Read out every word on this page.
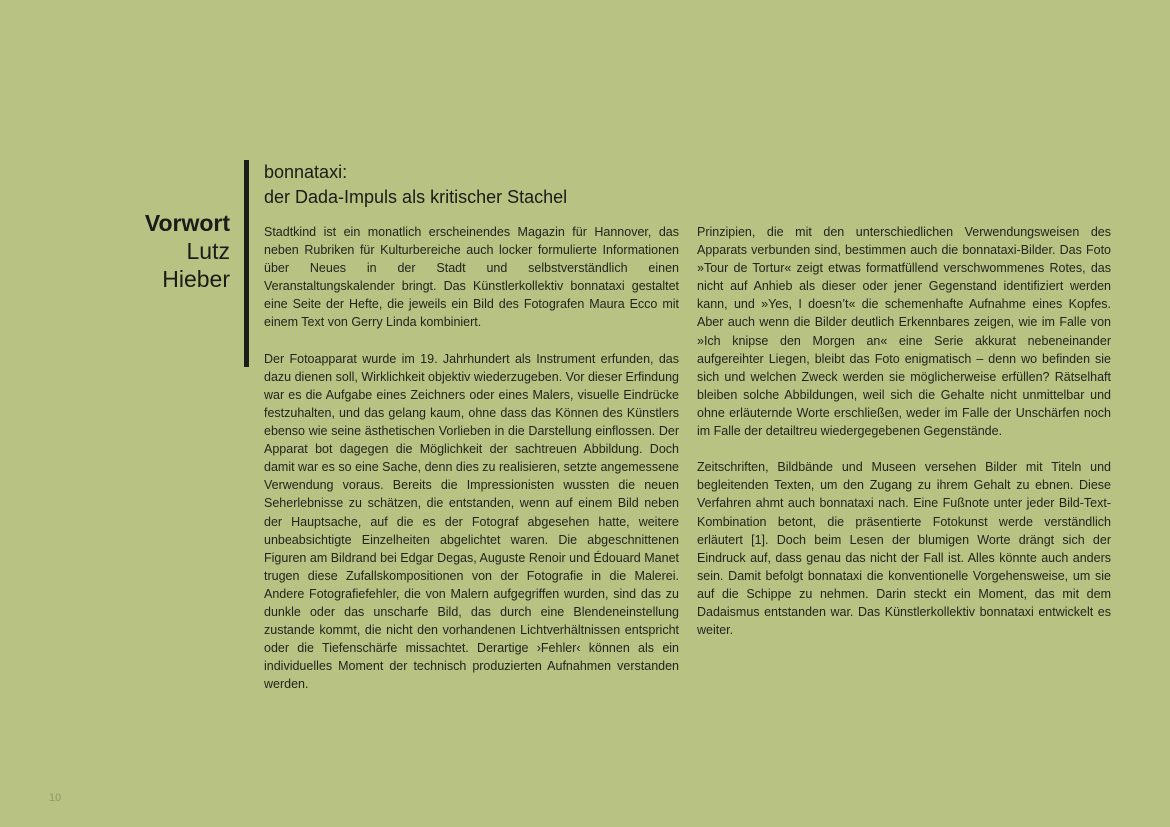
Vorwort
Lutz
Hieber
bonnataxi:
der Dada-Impuls als kritischer Stachel

Stadtkind ist ein monatlich erscheinendes Magazin für Hannover, das neben Rubriken für Kulturbereiche auch locker formulierte Informationen über Neues in der Stadt und selbstverständlich einen Veranstaltungskalender bringt. Das Künstlerkollektiv bonnataxi gestaltet eine Seite der Hefte, die jeweils ein Bild des Fotografen Maura Ecco mit einem Text von Gerry Linda kombiniert.

Der Fotoapparat wurde im 19. Jahrhundert als Instrument erfunden, das dazu dienen soll, Wirklichkeit objektiv wiederzugeben. Vor dieser Erfindung war es die Aufgabe eines Zeichners oder eines Malers, visuelle Eindrücke festzuhalten, und das gelang kaum, ohne dass das Können des Künstlers ebenso wie seine ästhetischen Vorlieben in die Darstellung einflossen. Der Apparat bot dagegen die Möglichkeit der sachtreuen Abbildung. Doch damit war es so eine Sache, denn dies zu realisieren, setzte angemessene Verwendung voraus. Bereits die Impressionisten wussten die neuen Seherlebnisse zu schätzen, die entstanden, wenn auf einem Bild neben der Hauptsache, auf die es der Fotograf abgesehen hatte, weitere unbeabsichtigte Einzelheiten abgelichtet waren. Die abgeschnittenen Figuren am Bildrand bei Edgar Degas, Auguste Renoir und Édouard Manet trugen diese Zufallskompositionen von der Fotografie in die Malerei. Andere Fotografiefehler, die von Malern aufgegriffen wurden, sind das zu dunkle oder das unscharfe Bild, das durch eine Blendeneinstellung zustande kommt, die nicht den vorhandenen Lichtverhältnissen entspricht oder die Tiefenschärfe missachtet. Derartige ›Fehler‹ können als ein individuelles Moment der technisch produzierten Aufnahmen verstanden werden.

Prinzipien, die mit den unterschiedlichen Verwendungsweisen des Apparats verbunden sind, bestimmen auch die bonnataxi-Bilder. Das Foto »Tour de Tortur« zeigt etwas formatfüllend verschwommenes Rotes, das nicht auf Anhieb als dieser oder jener Gegenstand identifiziert werden kann, und »Yes, I doesn’t« die schemenhafte Aufnahme eines Kopfes. Aber auch wenn die Bilder deutlich Erkennbares zeigen, wie im Falle von »Ich knipse den Morgen an« eine Serie akkurat nebeneinander aufgereihter Liegen, bleibt das Foto enigmatisch – denn wo befinden sie sich und welchen Zweck werden sie möglicherweise erfüllen? Rätselhaft bleiben solche Abbildungen, weil sich die Gehalte nicht unmittelbar und ohne erläuternde Worte erschließen, weder im Falle der Unschärfen noch im Falle der detailtreu wiedergegebenen Gegenstände.

Zeitschriften, Bildbände und Museen versehen Bilder mit Titeln und begleitenden Texten, um den Zugang zu ihrem Gehalt zu ebnen. Diese Verfahren ahmt auch bonnataxi nach. Eine Fußnote unter jeder Bild-Text-Kombination betont, die präsentierte Fotokunst werde verständlich erläutert [1]. Doch beim Lesen der blumigen Worte drängt sich der Eindruck auf, dass genau das nicht der Fall ist. Alles könnte auch anders sein. Damit befolgt bonnataxi die konventionelle Vorgehensweise, um sie auf die Schippe zu nehmen. Darin steckt ein Moment, das mit dem Dadaismus entstanden war. Das Künstlerkollektiv bonnataxi entwickelt es weiter.

10
